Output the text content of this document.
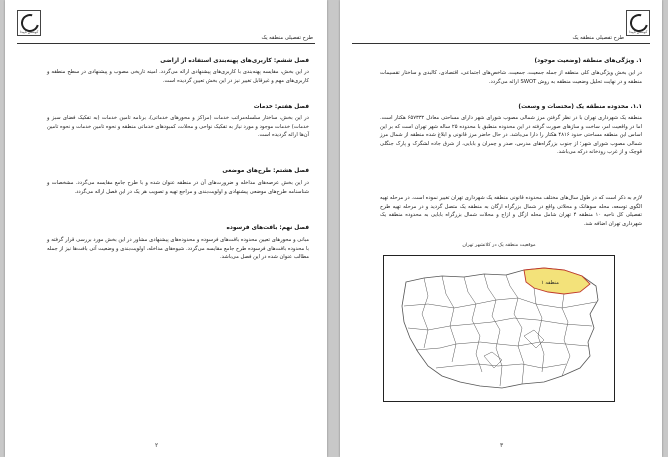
کوشش ناپیدا
طرح تفصیلی منطقه یک
فصل ششم: کاربری‌های پهنه‌بندی استفاده از اراضی
در این بخش، مقایسه پهنه‌بندی با کاربری‌های پیشنهادی ارائه می‌گردد. امینه تاریخی مصوب و پیشنهادی در سطح منطقه و کاربری‌های مهم و غیرقابل تغییر نیز در این بخش تعیین گردیده است.
فصل هفتم: خدمات
در این بخش، ساختار سلسله‌مراتب خدمات (مراکز و محورهای خدماتی)، برنامه تامین خدمات (به تفکیک فضای سبز و خدمات) خدمات موجود و مورد نیاز به تفکیک نواحی و محلات، کمبودهای خدماتی منطقه و نحوه تامین خدمات و نحوه تامین آن‌ها ارائه گردیده است.
فصل هشتم: طرح‌های موضعی
در این بخش عرصه‌های مداخله و ضرورت‌های آن در منطقه عنوان شده و با طرح جامع مقایسه می‌گردد. مشخصات و شناسنامه طرح‌های موضعی پیشنهادی و اولویت‌بندی و مراجع تهیه و تصویب هر یک در این فصل ارائه می‌گردد.
فصل نهم: بافت‌های فرسوده
مبانی و محورهای تعیین محدوده بافت‌های فرسوده و محدوده‌های پیشنهادی مشاور در این بخش مورد بررسی قرار گرفته و با محدوده بافت‌های فرسوده طرح جامع مقایسه می‌گردد. شیوه‌های مداخله، اولویت‌بندی و وضعیت آتی بافت‌ها نیز از جمله مطالب عنوان شده در این فصل می‌باشد.
۲
کوشش ناپیدا
طرح تفصیلی منطقه یک
۱. ویژگی‌های منطقه (وضعیت موجود)
در این بخش ویژگی‌های کلی منطقه از جمله جمعیت، جمعیت، شاخص‌های اجتماعی، اقتصادی، کالبدی و ساختار تقسیمات منطقه و در نهایت تحلیل وضعیت منطقه به روش SWOT ارائه می‌گردد.
۱.۱. محدوده منطقه یک (مختصات و وسعت)
منطقه یک شهرداری تهران با در نظر گرفتن مرز شمالی مصوب شورای شهر دارای مساحتی معادل ۶۵۷۳۳۲ هکتار است. اما در واقعیت امر، ساخت و سازهای صورت گرفته در این محدوده منطبق با محدوده ۲۵ ساله شهر تهران است که بر این اساس این منطقه مساحتی حدود ۴۸۱۶ هکتار را دارا می‌باشد. در حال حاضر مرز قانونی و ابلاغ شده منطقه از شمال مرز شمالی مصوب شورای شهر؛ از جنوب بزرگراه‌های مدرس، صدر و چمران و بابایی، از شرق جاده لشگرک و پارک جنگلی قوچک و از غرب رودخانه درکه می‌باشد.
لازم به ذکر است که در طول سال‌های مختلف محدوده قانونی منطقه یک شهرداری تهران تغییر نموده است. در مرحله تهیه الگوی توسعه، محله سوهانک و محلاتی واقع در شمال بزرگراه ارگان به منطقه یک متصل گردید و در مرحله تهیه طرح تفصیلی کل ناحیه ۱۰ منطقه ۴ تهران شامل محله ازگل و ازاج و محلات شمال بزرگراه بابایی به محدوده منطقه یک شهرداری تهران اضافه شد.
موقعیت منطقه یک در کلانشهر تهران
منطقه ۱
۳
